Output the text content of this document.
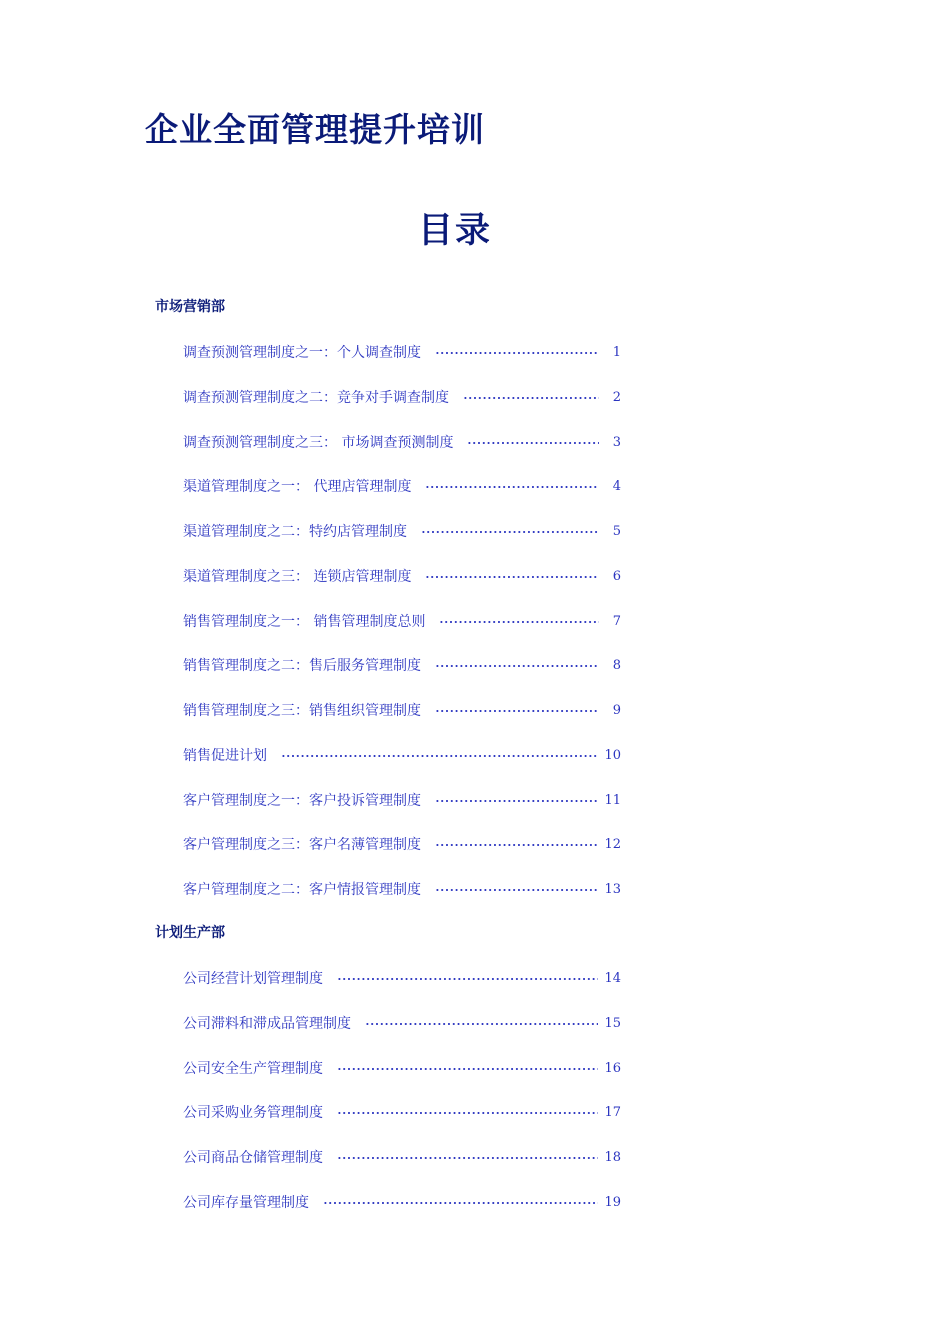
企业全面管理提升培训
目录
市场营销部
调查预测管理制度之一：个人调查制度	1
调查预测管理制度之二：竞争对手调查制度	2
调查预测管理制度之三： 市场调查预测制度	3
渠道管理制度之一： 代理店管理制度	4
渠道管理制度之二：特约店管理制度	5
渠道管理制度之三： 连锁店管理制度	6
销售管理制度之一： 销售管理制度总则	7
销售管理制度之二：售后服务管理制度	8
销售管理制度之三：销售组织管理制度	9
销售促进计划	10
客户管理制度之一：客户投诉管理制度	11
客户管理制度之三：客户名薄管理制度	12
客户管理制度之二：客户情报管理制度	13
计划生产部
公司经营计划管理制度	14
公司滞料和滞成品管理制度	15
公司安全生产管理制度	16
公司采购业务管理制度	17
公司商品仓储管理制度	18
公司库存量管理制度	19
